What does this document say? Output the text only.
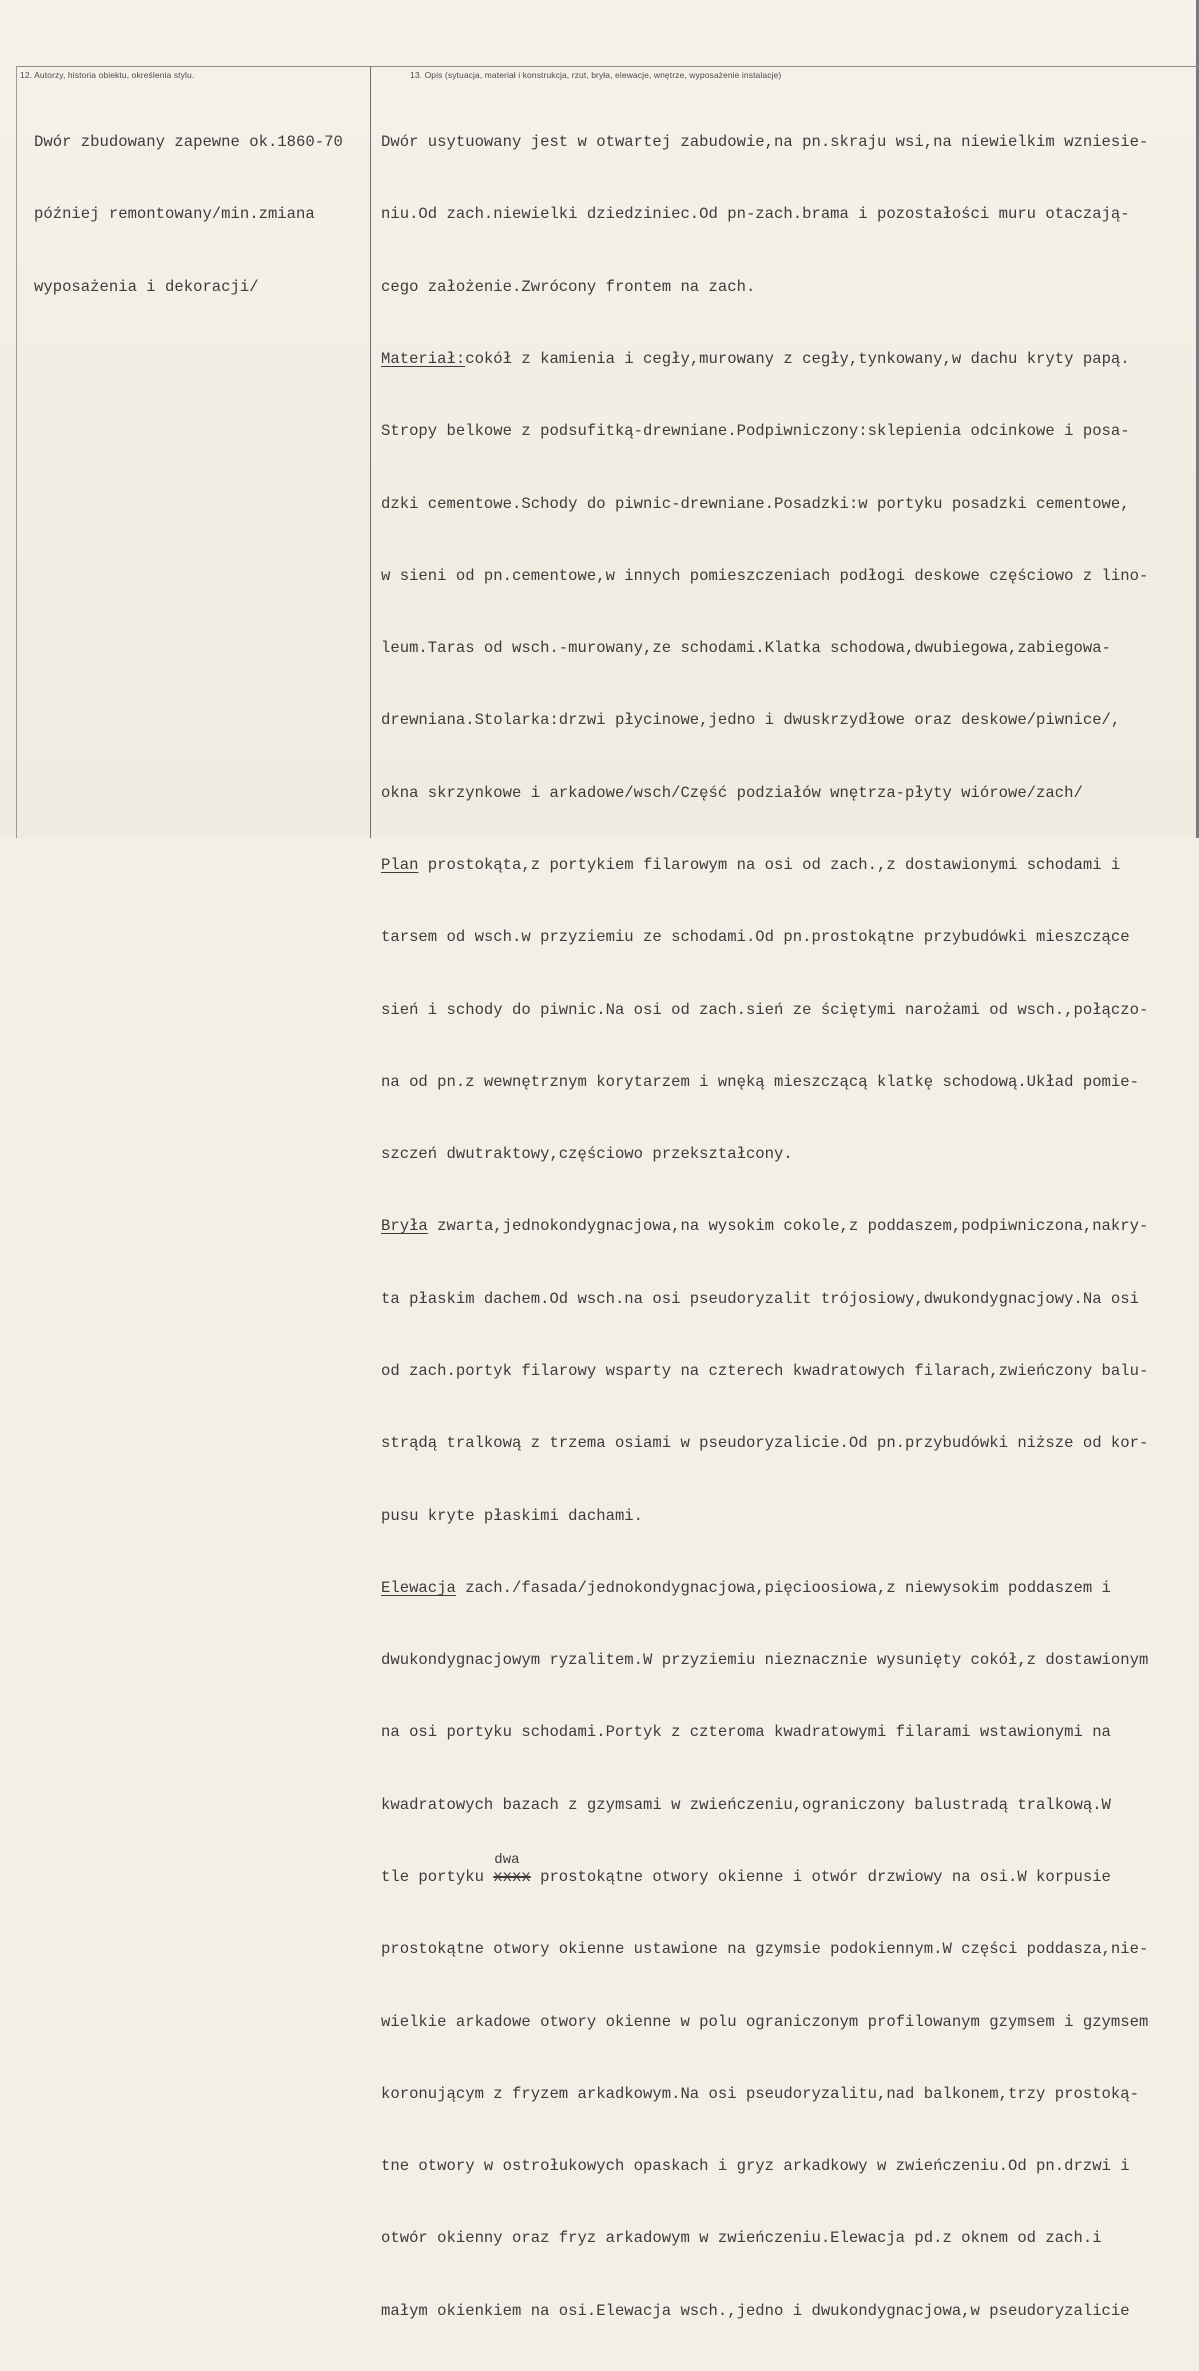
12. Autorzy, historia obiektu, określenia stylu.	13. Opis (sytuacja, materiał i konstrukcja, rzut, bryła, elewacje, wnętrze, wyposażenie instalacje)

Dwór zbudowany zapewne ok.1860-70

później remontowany/min.zmiana

wyposażenia i dekoracji/

Dwór usytuowany jest w otwartej zabudowie,na pn.skraju wsi,na niewielkim wzniesie-

niu.Od zach.niewielki dziedziniec.Od pn-zach.brama i pozostałości muru otaczają-

cego założenie.Zwrócony frontem na zach.

Materiał:cokół z kamienia i cegły,murowany z cegły,tynkowany,w dachu kryty papą.

Stropy belkowe z podsufitką-drewniane.Podpiwniczony:sklepienia odcinkowe i posa-

dzki cementowe.Schody do piwnic-drewniane.Posadzki:w portyku posadzki cementowe,

w sieni od pn.cementowe,w innych pomieszczeniach podłogi deskowe częściowo z lino-

leum.Taras od wsch.-murowany,ze schodami.Klatka schodowa,dwubiegowa,zabiegowa-

drewniana.Stolarka:drzwi płycinowe,jedno i dwuskrzydłowe oraz deskowe/piwnice/,

okna skrzynkowe i arkadowe/wsch/Część podziałów wnętrza-płyty wiórowe/zach/

Plan prostokąta,z portykiem filarowym na osi od zach.,z dostawionymi schodami i

tarsem od wsch.w przyziemiu ze schodami.Od pn.prostokątne przybudówki mieszczące

sień i schody do piwnic.Na osi od zach.sień ze ściętymi narożami od wsch.,połączo-

na od pn.z wewnętrznym korytarzem i wnęką mieszczącą klatkę schodową.Układ pomie-

szczeń dwutraktowy,częściowo przekształcony.

Bryła zwarta,jednokondygnacjowa,na wysokim cokole,z poddaszem,podpiwniczona,nakry-

ta płaskim dachem.Od wsch.na osi pseudoryzalit trójosiowy,dwukondygnacjowy.Na osi

od zach.portyk filarowy wsparty na czterech kwadratowych filarach,zwieńczony balu-

strądą tralkową z trzema osiami w pseudoryzalicie.Od pn.przybudówki niższe od kor-

pusu kryte płaskimi dachami.

Elewacja zach./fasada/jednokondygnacjowa,pięcioosiowa,z niewysokim poddaszem i

dwukondygnacjowym ryzalitem.W przyziemiu nieznacznie wysunięty cokół,z dostawionym

na osi portyku schodami.Portyk z czteroma kwadratowymi filarami wstawionymi na

kwadratowych bazach z gzymsami w zwieńczeniu,ograniczony balustradą tralkową.W

tle portyku
dwa
xxxx prostokątne otwory okienne i otwór drzwiowy na osi.W korpusie

prostokątne otwory okienne ustawione na gzymsie podokiennym.W części poddasza,nie-

wielkie arkadowe otwory okienne w polu ograniczonym profilowanym gzymsem i gzymsem

koronującym z fryzem arkadkowym.Na osi pseudoryzalitu,nad balkonem,trzy prostoką-

tne otwory w ostrołukowych opaskach i gryz arkadkowy w zwieńczeniu.Od pn.drzwi i

otwór okienny oraz fryz arkadowym w zwieńczeniu.Elewacja pd.z oknem od zach.i

małym okienkiem na osi.Elewacja wsch.,jedno i dwukondygnacjowa,w pseudoryzalicie
